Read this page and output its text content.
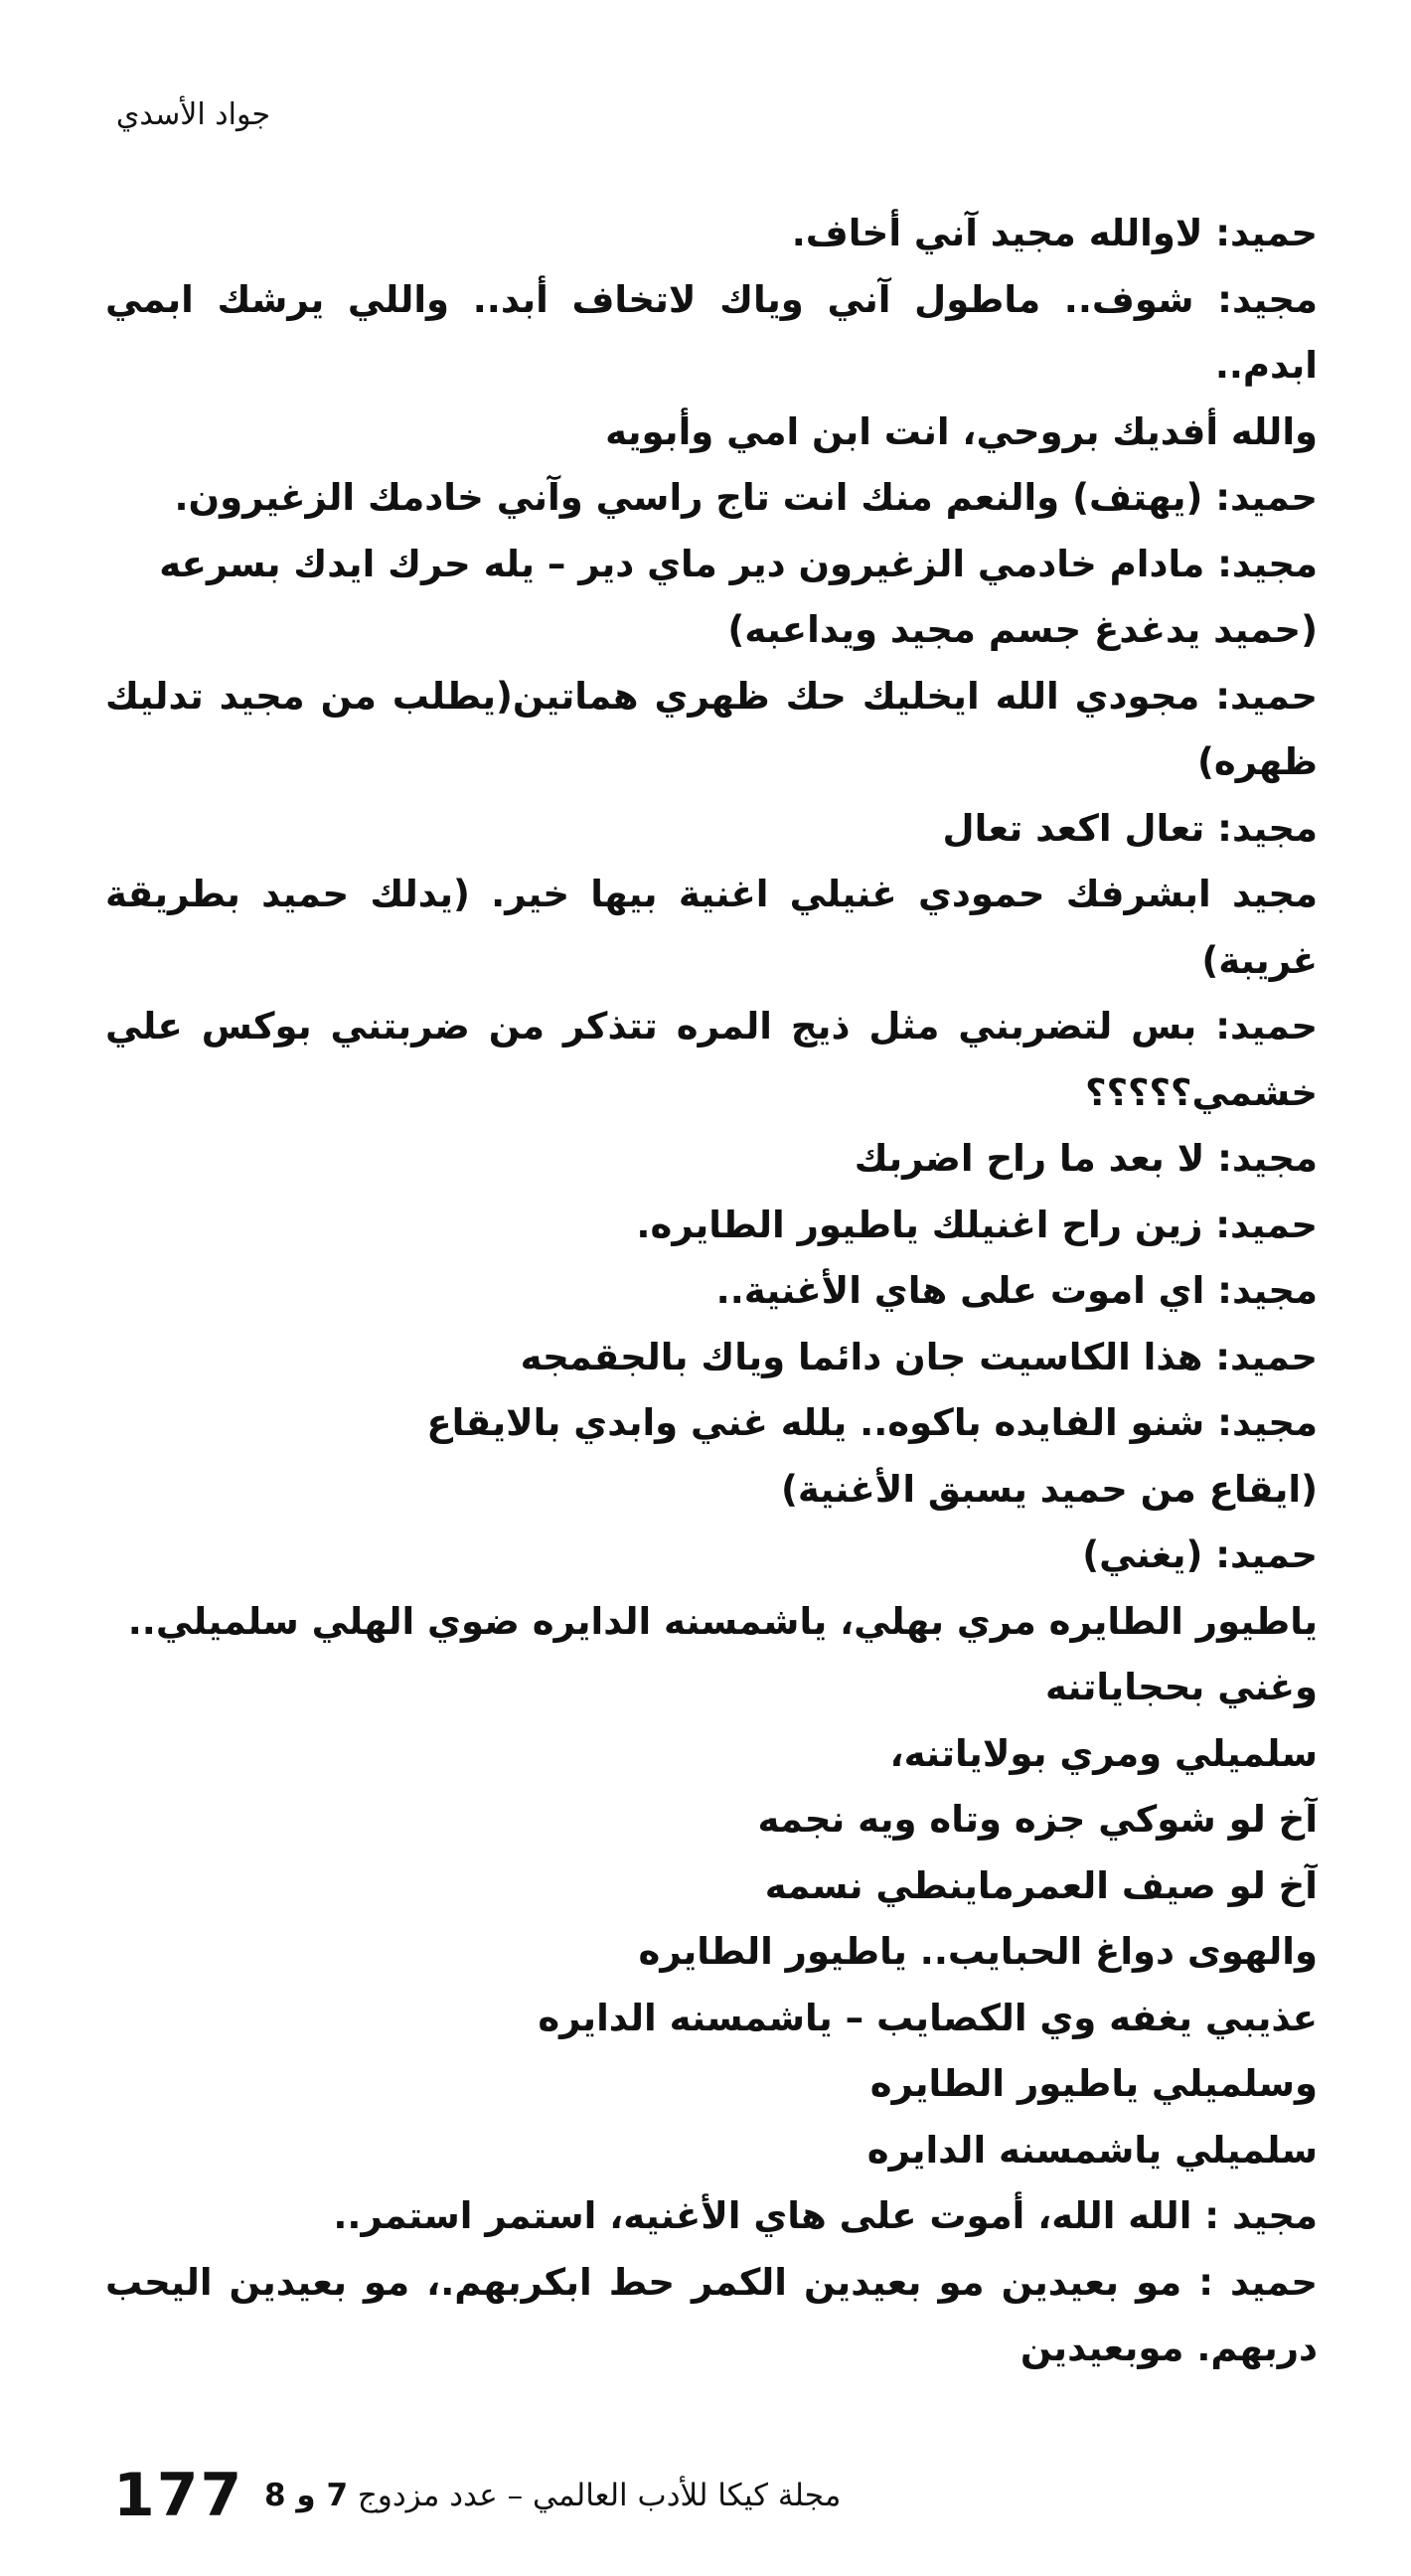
جواد الأسدي
حميد: لاوالله مجيد آني أخاف.
مجيد: شوف.. ماطول آني وياك لاتخاف أبد.. واللي يرشك ابمي
ابدم..
والله أفديك بروحي، انت ابن امي وأبويه
حميد: (يهتف) والنعم منك انت تاج راسي وآني خادمك الزغيرون.
مجيد: مادام خادمي الزغيرون دير ماي دير – يله حرك ايدك بسرعه
(حميد يدغدغ جسم مجيد ويداعبه)
حميد: مجودي الله ايخليك حك ظهري هماتين(يطلب من مجيد تدليك
ظهره)
مجيد: تعال اكعد تعال
مجيد ابشرفك حمودي غنيلي اغنية بيها خير. (يدلك حميد بطريقة
غريبة)
حميد: بس لتضربني مثل ذيج المره تتذكر من ضربتني بوكس علي
خشمي؟؟؟؟؟
مجيد: لا بعد ما راح اضربك
حميد: زين راح اغنيلك ياطيور الطايره.
مجيد: اي اموت على هاي الأغنية..
حميد: هذا الكاسيت جان دائما وياك بالجقمجه
مجيد: شنو الفايده باكوه.. يلله غني وابدي بالايقاع
(ايقاع من حميد يسبق الأغنية)
حميد: (يغني)
ياطيور الطايره مري بهلي، ياشمسنه الدايره ضوي الهلي سلميلي..
وغني بحجاياتنه
سلميلي ومري بولاياتنه،
آخ لو شوكي جزه وتاه ويه نجمه
آخ لو صيف العمرماينطي نسمه
والهوى دواغ الحبايب.. ياطيور الطايره
عذيبي يغفه وي الكصايب – ياشمسنه الدايره
وسلميلي ياطيور الطايره
سلميلي ياشمسنه الدايره
مجيد : الله الله، أموت على هاي الأغنيه، استمر استمر..
حميد : مو بعيدين مو بعيدين الكمر حط ابكربهم.، مو بعيدين اليحب
دربهم. موبعيدين
177	مجلة كيكا للأدب العالمي – عدد مزدوج 7 و 8
